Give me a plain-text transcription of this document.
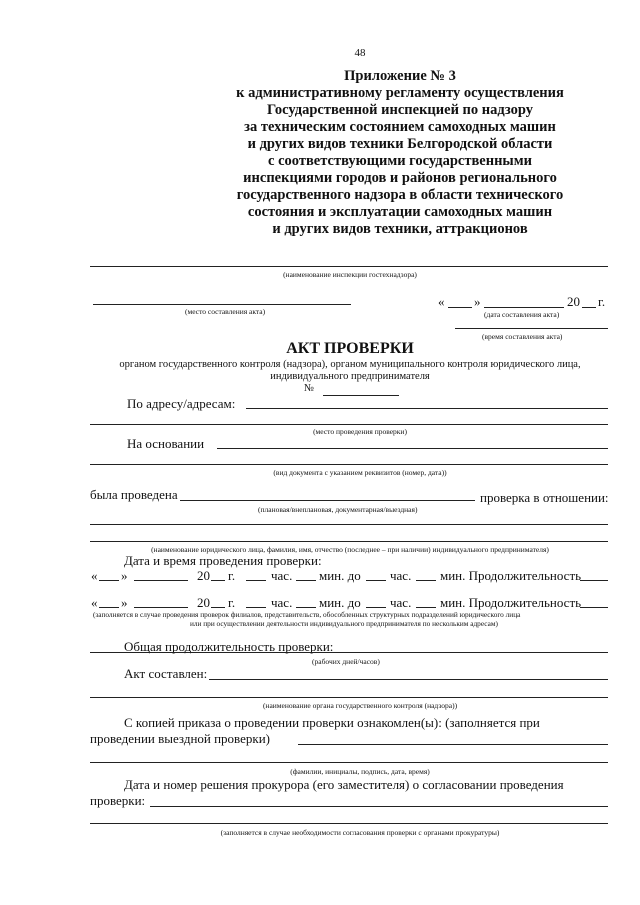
48
Приложение № 3
к административному регламенту осуществления
Государственной инспекцией по надзору
за техническим состоянием самоходных машин
и других видов техники Белгородской области
с соответствующими государственными
инспекциями городов и районов регионального
государственного надзора в области технического
состояния и эксплуатации самоходных машин
и других видов техники, аттракционов
(наименование инспекции гостехнадзора)
(место составления акта)
« »	20 г.
(дата составления акта)
(время составления акта)
АКТ ПРОВЕРКИ
органом государственного контроля (надзора), органом муниципального контроля юридического лица,
индивидуального предпринимателя
№
По адресу/адресам:
(место проведения проверки)
На основании
(вид документа с указанием реквизитов (номер, дата))
была проведена	проверка в отношении:
(плановая/внеплановая, документарная/выездная)
(наименование юридического лица, фамилия, имя, отчество (последнее – при наличии) индивидуального предпринимателя)
Дата и время проведения проверки:
« »	20 г.	час. мин. до час. мин. Продолжительность
« »	20 г.	час. мин. до час. мин. Продолжительность
(заполняется в случае проведения проверок филиалов, представительств, обособленных структурных подразделений юридического лица
или при осуществлении деятельности индивидуального предпринимателя по нескольким адресам)
Общая продолжительность проверки:
(рабочих дней/часов)
Акт составлен:
(наименование органа государственного контроля (надзора))
С копией приказа о проведении проверки ознакомлен(ы): (заполняется при
проведении выездной проверки)
(фамилии, инициалы, подпись, дата, время)
Дата и номер решения прокурора (его заместителя) о согласовании проведения
проверки:
(заполняется в случае необходимости согласования проверки с органами прокуратуры)
